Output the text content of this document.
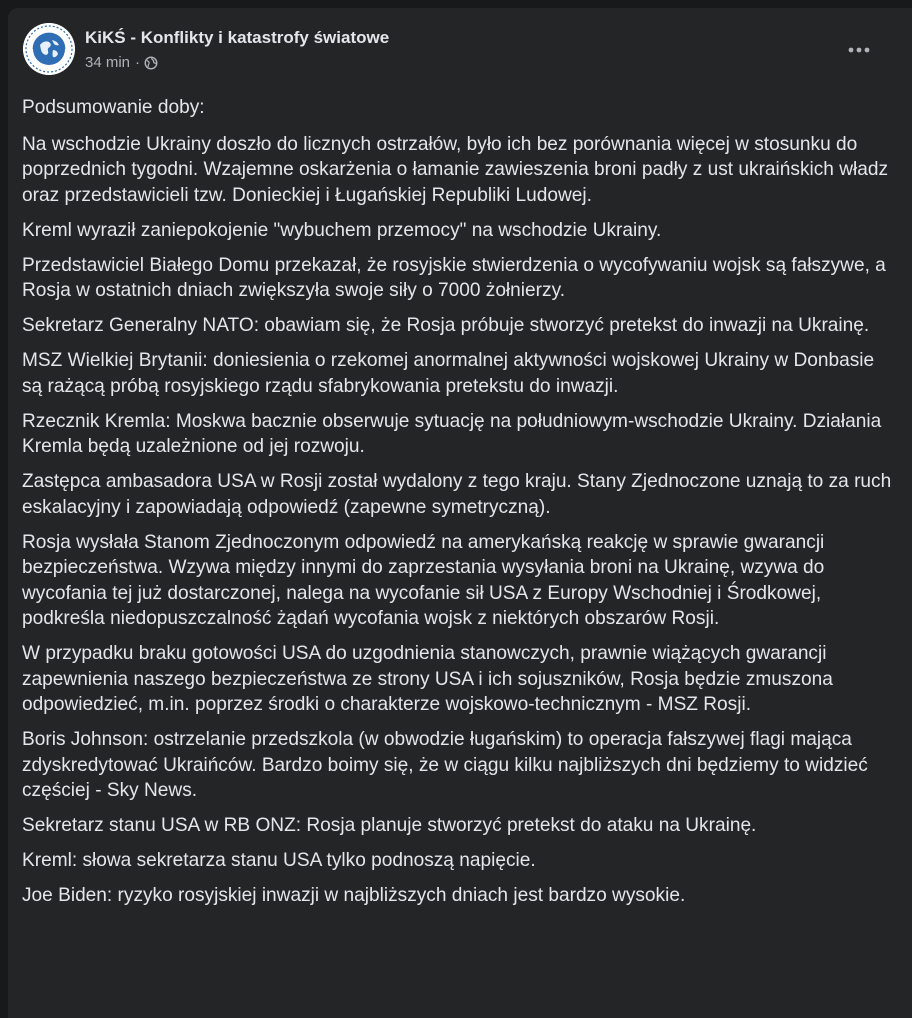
KiKŚ - Konflikty i katastrofy światowe
34 min ·

Podsumowanie doby:

Na wschodzie Ukrainy doszło do licznych ostrzałów, było ich bez porównania więcej w stosunku do poprzednich tygodni. Wzajemne oskarżenia o łamanie zawieszenia broni padły z ust ukraińskich władz oraz przedstawicieli tzw. Donieckiej i Ługańskiej Republiki Ludowej.

Kreml wyraził zaniepokojenie "wybuchem przemocy" na wschodzie Ukrainy.

Przedstawiciel Białego Domu przekazał, że rosyjskie stwierdzenia o wycofywaniu wojsk są fałszywe, a Rosja w ostatnich dniach zwiększyła swoje siły o 7000 żołnierzy.

Sekretarz Generalny NATO: obawiam się, że Rosja próbuje stworzyć pretekst do inwazji na Ukrainę.

MSZ Wielkiej Brytanii: doniesienia o rzekomej anormalnej aktywności wojskowej Ukrainy w Donbasie są rażącą próbą rosyjskiego rządu sfabrykowania pretekstu do inwazji.

Rzecznik Kremla: Moskwa bacznie obserwuje sytuację na południowym-wschodzie Ukrainy. Działania Kremla będą uzależnione od jej rozwoju.

Zastępca ambasadora USA w Rosji został wydalony z tego kraju. Stany Zjednoczone uznają to za ruch eskalacyjny i zapowiadają odpowiedź (zapewne symetryczną).

Rosja wysłała Stanom Zjednoczonym odpowiedź na amerykańską reakcję w sprawie gwarancji bezpieczeństwa. Wzywa między innymi do zaprzestania wysyłania broni na Ukrainę, wzywa do wycofania tej już dostarczonej, nalega na wycofanie sił USA z Europy Wschodniej i Środkowej, podkreśla niedopuszczalność żądań wycofania wojsk z niektórych obszarów Rosji.

W przypadku braku gotowości USA do uzgodnienia stanowczych, prawnie wiążących gwarancji zapewnienia naszego bezpieczeństwa ze strony USA i ich sojuszników, Rosja będzie zmuszona odpowiedzieć, m.in. poprzez środki o charakterze wojskowo-technicznym - MSZ Rosji.

Boris Johnson: ostrzelanie przedszkola (w obwodzie ługańskim) to operacja fałszywej flagi mająca zdyskredytować Ukraińców. Bardzo boimy się, że w ciągu kilku najbliższych dni będziemy to widzieć częściej - Sky News.

Sekretarz stanu USA w RB ONZ: Rosja planuje stworzyć pretekst do ataku na Ukrainę.

Kreml: słowa sekretarza stanu USA tylko podnoszą napięcie.

Joe Biden: ryzyko rosyjskiej inwazji w najbliższych dniach jest bardzo wysokie.
